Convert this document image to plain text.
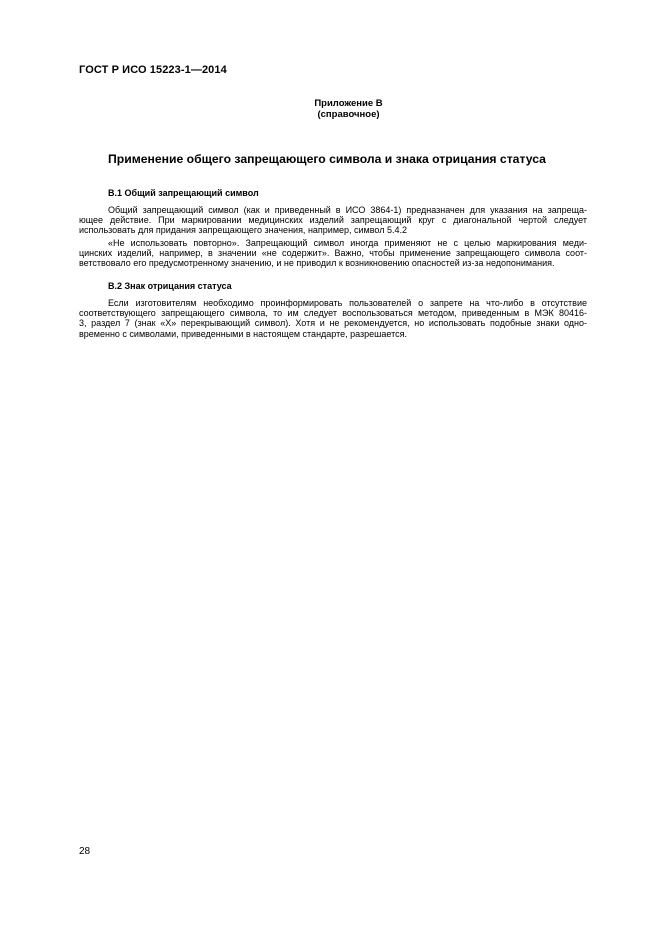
ГОСТ Р ИСО 15223-1—2014
Приложение В
(справочное)
Применение общего запрещающего символа и знака отрицания статуса
В.1 Общий запрещающий символ
Общий запрещающий символ (как и приведенный в ИСО 3864-1) предназначен для указания на запреща-
ющее действие. При маркировании медицинских изделий запрещающий круг с диагональной чертой следует
использовать для придания запрещающего значения, например, символ 5.4.2
«Не использовать повторно». Запрещающий символ иногда применяют не с целью маркирования меди-
цинских изделий, например, в значении «не содержит». Важно, чтобы применение запрещающего символа соот-
ветствовало его предусмотренному значению, и не приводил к возникновению опасностей из-за недопонимания.
В.2 Знак отрицания статуса
Если изготовителям необходимо проинформировать пользователей о запрете на что-либо в отсутствие
соответствующего запрещающего символа, то им следует воспользоваться методом, приведенным в МЭК 80416-
3, раздел 7 (знак «Х» перекрывающий символ). Хотя и не рекомендуется, но использовать подобные знаки одно-
временно с символами, приведенными в настоящем стандарте, разрешается.
28
